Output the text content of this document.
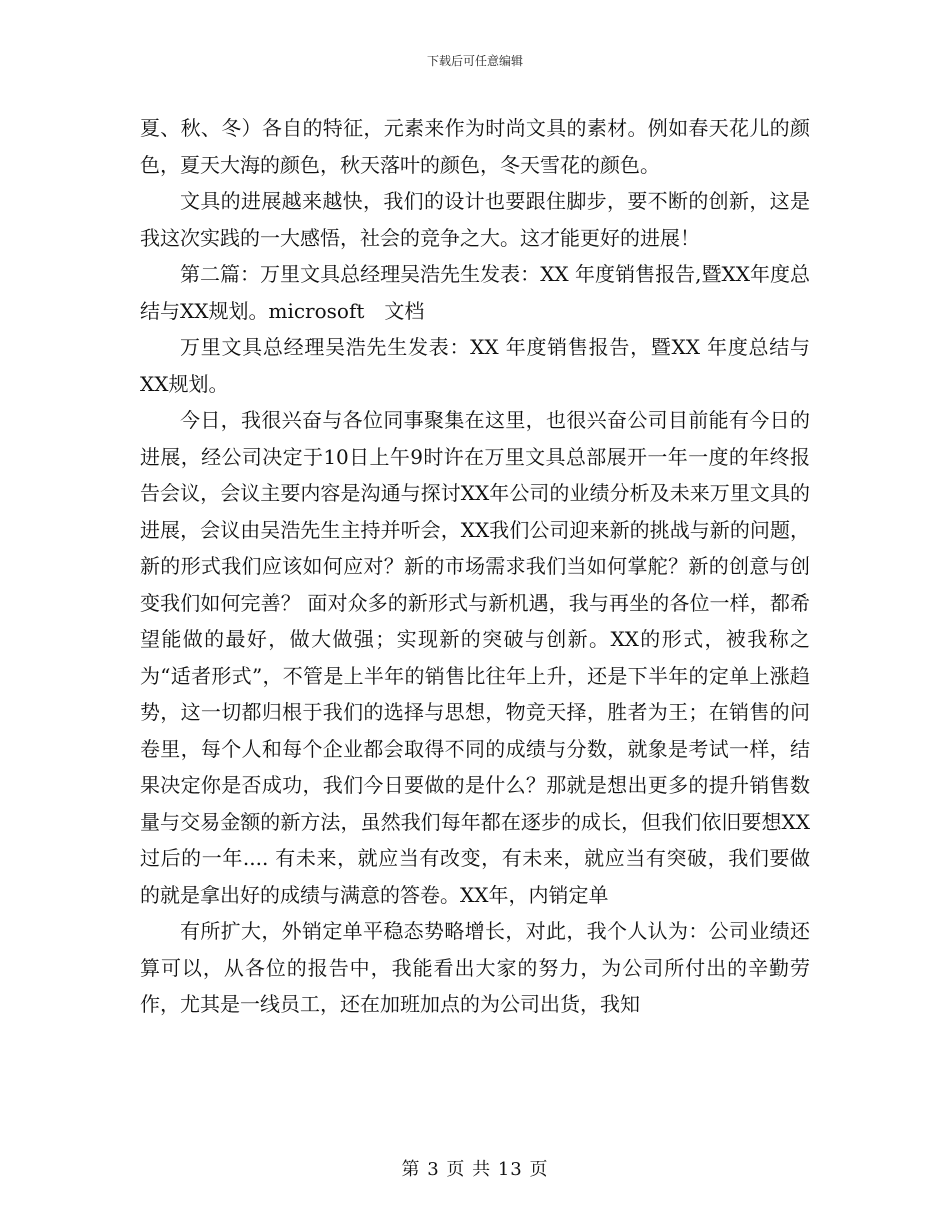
下载后可任意编辑

夏、秋、冬）各自的特征，元素来作为时尚文具的素材。例如春天花儿的颜色，夏天大海的颜色，秋天落叶的颜色，冬天雪花的颜色。

文具的进展越来越快，我们的设计也要跟住脚步，要不断的创新，这是我这次实践的一大感悟，社会的竞争之大。这才能更好的进展！

第二篇：万里文具总经理吴浩先生发表：XX 年度销售报告,暨XX年度总结与XX规划。microsoft　文档

万里文具总经理吴浩先生发表：XX 年度销售报告，暨XX 年度总结与XX规划。

今日，我很兴奋与各位同事聚集在这里，也很兴奋公司目前能有今日的进展，经公司决定于10日上午9时许在万里文具总部展开一年一度的年终报告会议，会议主要内容是沟通与探讨XX年公司的业绩分析及未来万里文具的进展，会议由吴浩先生主持并听会，XX我们公司迎来新的挑战与新的问题，新的形式我们应该如何应对？新的市场需求我们当如何掌舵？新的创意与创变我们如何完善？ 面对众多的新形式与新机遇，我与再坐的各位一样，都希望能做的最好，做大做强；实现新的突破与创新。XX的形式，被我称之为“适者形式”，不管是上半年的销售比往年上升，还是下半年的定单上涨趋势，这一切都归根于我们的选择与思想，物竞天择，胜者为王；在销售的问卷里，每个人和每个企业都会取得不同的成绩与分数，就象是考试一样，结果决定你是否成功，我们今日要做的是什么？那就是想出更多的提升销售数量与交易金额的新方法，虽然我们每年都在逐步的成长，但我们依旧要想XX过后的一年.... 有未来，就应当有改变，有未来，就应当有突破，我们要做的就是拿出好的成绩与满意的答卷。XX年，内销定单

有所扩大，外销定单平稳态势略增长，对此，我个人认为：公司业绩还算可以，从各位的报告中，我能看出大家的努力，为公司所付出的辛勤劳作，尤其是一线员工，还在加班加点的为公司出货，我知

第 3 页 共 13 页
